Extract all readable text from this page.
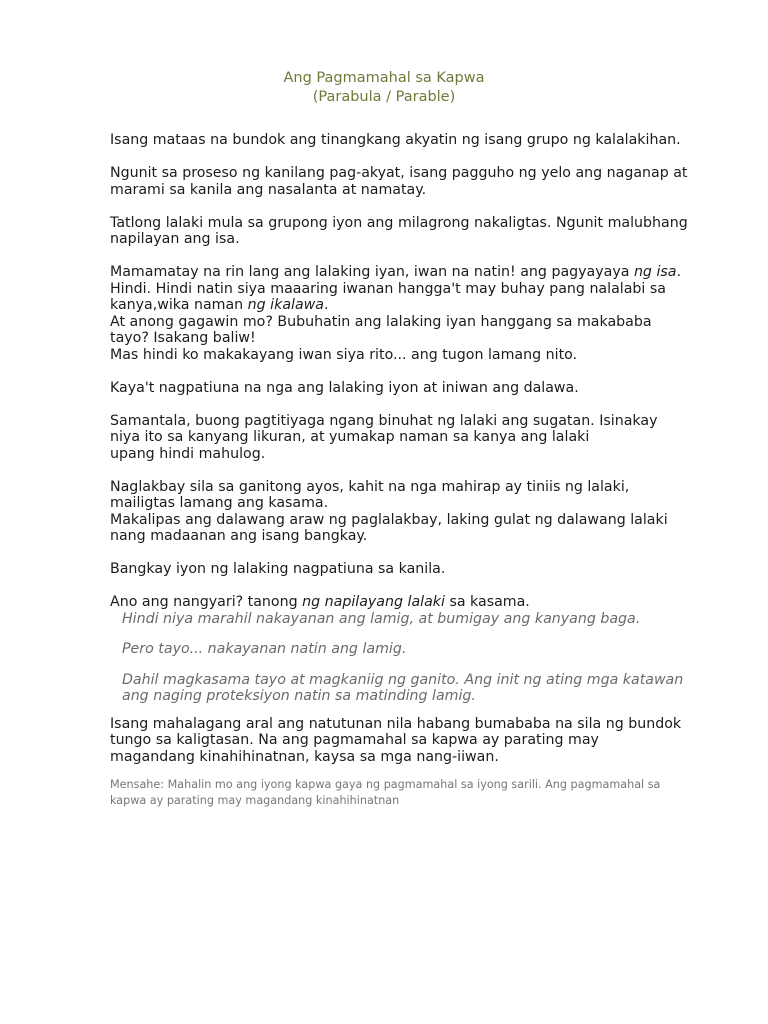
Ang Pagmamahal sa Kapwa
(Parabula / Parable)

Isang mataas na bundok ang tinangkang akyatin ng isang grupo ng kalalakihan.

Ngunit sa proseso ng kanilang pag-akyat, isang pagguho ng yelo ang naganap at
marami sa kanila ang nasalanta at namatay.

Tatlong lalaki mula sa grupong iyon ang milagrong nakaligtas. Ngunit malubhang
napilayan ang isa.

Mamamatay na rin lang ang lalaking iyan, iwan na natin! ang pagyayaya ng isa.
Hindi. Hindi natin siya maaaring iwanan hangga't may buhay pang nalalabi sa
kanya,wika naman ng ikalawa.
At anong gagawin mo? Bubuhatin ang lalaking iyan hanggang sa makababa
tayo? Isakang baliw!
Mas hindi ko makakayang iwan siya rito... ang tugon lamang nito.

Kaya't nagpatiuna na nga ang lalaking iyon at iniwan ang dalawa.

Samantala, buong pagtitiyaga ngang binuhat ng lalaki ang sugatan. Isinakay
niya ito sa kanyang likuran, at yumakap naman sa kanya ang lalaki
upang hindi mahulog.

Naglakbay sila sa ganitong ayos, kahit na nga mahirap ay tiniis ng lalaki,
mailigtas lamang ang kasama.
Makalipas ang dalawang araw ng paglalakbay, laking gulat ng dalawang lalaki
nang madaanan ang isang bangkay.

Bangkay iyon ng lalaking nagpatiuna sa kanila.

Ano ang nangyari? tanong ng napilayang lalaki sa kasama.

Hindi niya marahil nakayanan ang lamig, at bumigay ang kanyang baga.
Pero tayo... nakayanan natin ang lamig.
Dahil magkasama tayo at magkaniig ng ganito. Ang init ng ating mga katawan
ang naging proteksiyon natin sa matinding lamig.

Isang mahalagang aral ang natutunan nila habang bumababa na sila ng bundok
tungo sa kaligtasan. Na ang pagmamahal sa kapwa ay parating may
magandang kinahihinatnan, kaysa sa mga nang-iiwan.

Mensahe: Mahalin mo ang iyong kapwa gaya ng pagmamahal sa iyong sarili. Ang pagmamahal sa
kapwa ay parating may magandang kinahihinatnan
